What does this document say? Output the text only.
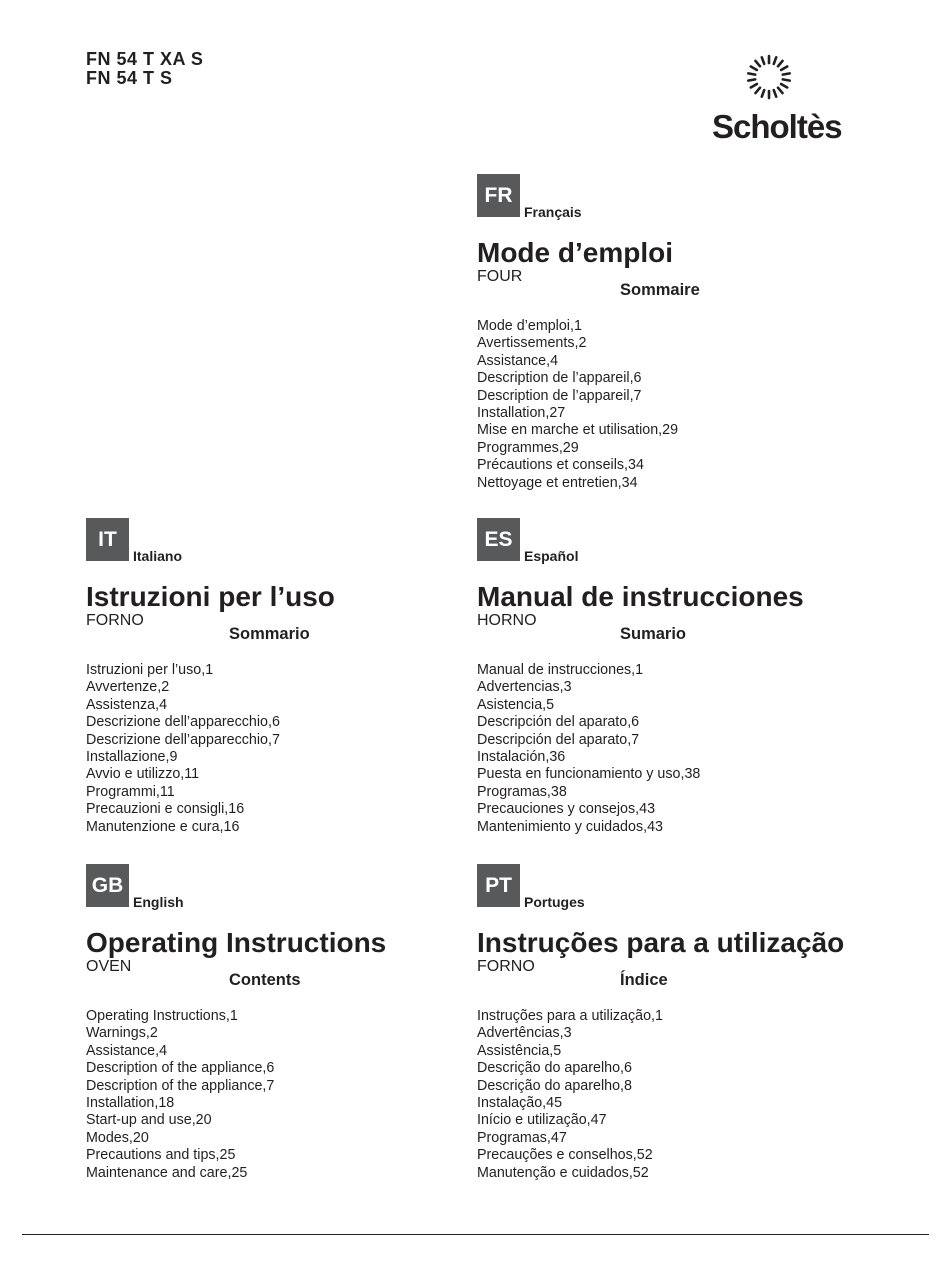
FN 54 T XA S
FN 54 T S
Scholtès
FR
Français
Mode d’emploi
FOUR
Sommaire
Mode d’emploi,1
Avertissements,2
Assistance,4
Description de l’appareil,6
Description de l’appareil,7
Installation,27
Mise en marche et utilisation,29
Programmes,29
Précautions et conseils,34
Nettoyage et entretien,34
IT
Italiano
Istruzioni per l’uso
FORNO
Sommario
Istruzioni per l’uso,1
Avvertenze,2
Assistenza,4
Descrizione dell’apparecchio,6
Descrizione dell’apparecchio,7
Installazione,9
Avvio e utilizzo,11
Programmi,11
Precauzioni e consigli,16
Manutenzione e cura,16
ES
Español
Manual de instrucciones
HORNO
Sumario
Manual de instrucciones,1
Advertencias,3
Asistencia,5
Descripción del aparato,6
Descripción del aparato,7
Instalación,36
Puesta en funcionamiento y uso,38
Programas,38
Precauciones y consejos,43
Mantenimiento y cuidados,43
GB
English
Operating Instructions
OVEN
Contents
Operating Instructions,1
Warnings,2
Assistance,4
Description of the appliance,6
Description of the appliance,7
Installation,18
Start-up and use,20
Modes,20
Precautions and tips,25
Maintenance and care,25
PT
Portuges
Instruções para a utilização
FORNO
Índice
Instruções para a utilização,1
Advertências,3
Assistência,5
Descrição do aparelho,6
Descrição do aparelho,8
Instalação,45
Início e utilização,47
Programas,47
Precauções e conselhos,52
Manutenção e cuidados,52
